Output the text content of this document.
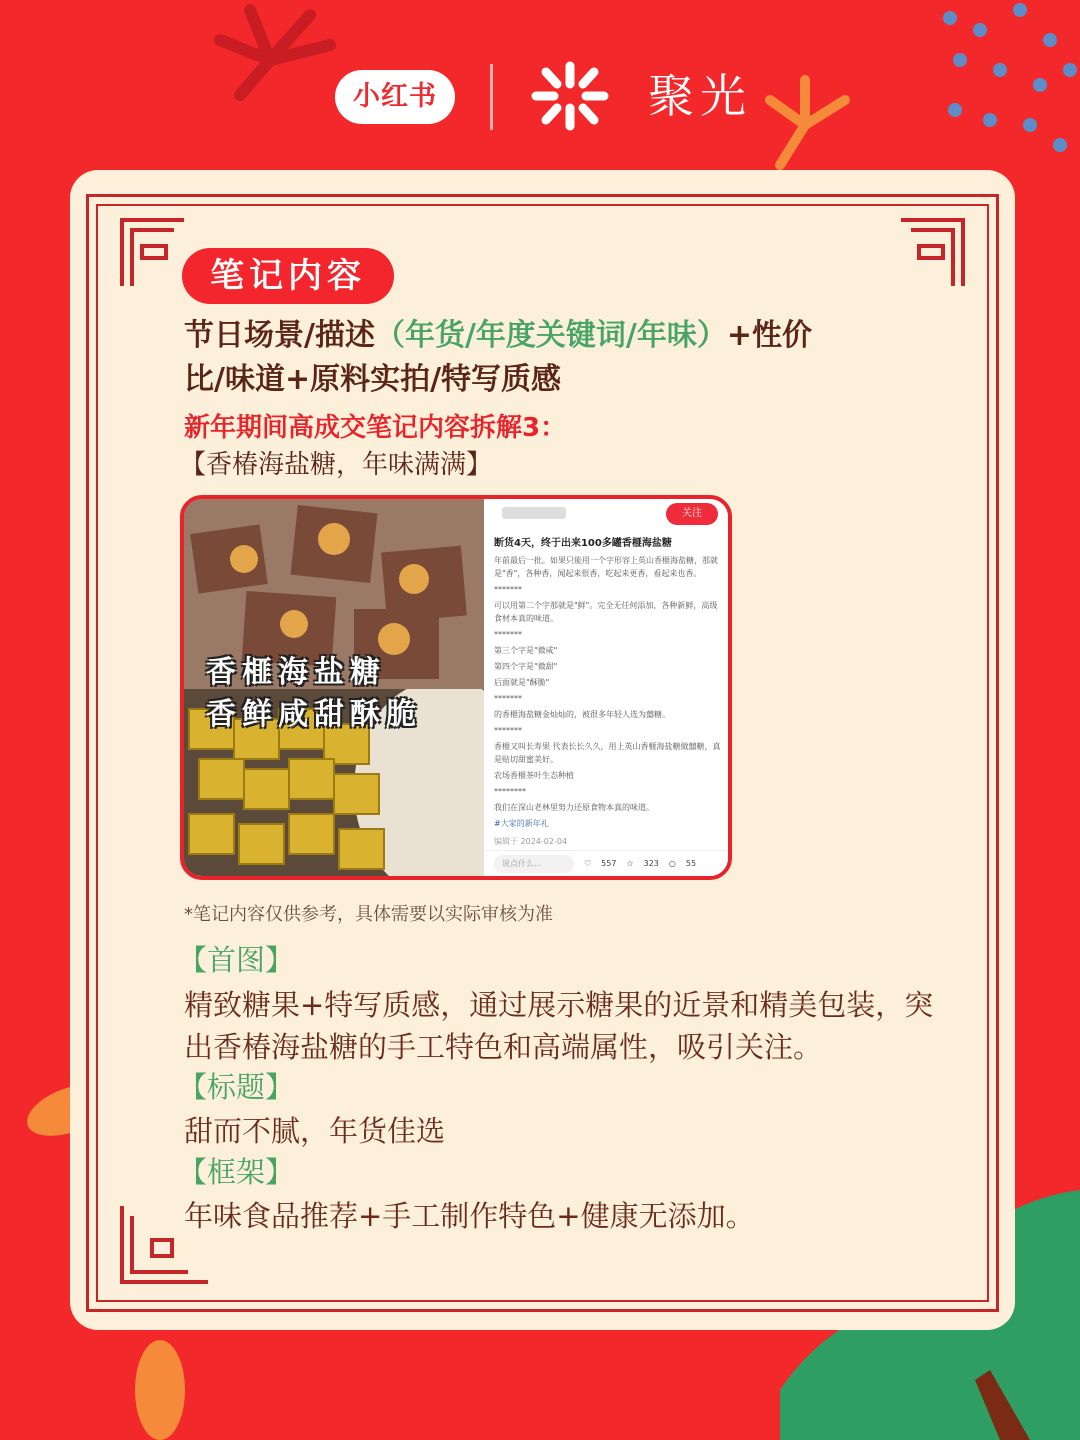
小红书	聚光
笔记内容
节日场景/描述（年货/年度关键词/年味）+性价
比/味道+原料实拍/特写质感
新年期间高成交笔记内容拆解3：
【香椿海盐糖，年味满满】
香榧海盐糖
香鲜咸甜酥脆
关注
断货4天，终于出来100多罐香榧海盐糖
年前最后一批。如果只能用一个字形容上英山香榧海盐糖，那就是"香"，各种香，闻起来很香，吃起来更香，看起来也香。
*******
可以用第二个字那就是"鲜"。完全无任何添加，各种新鲜，高级食材本真的味道。
*******
第三个字是"微咸"
第四个字是"微甜"
后面就是"酥脆"
*******
的香榧海盐糖金灿灿的，被很多年轻人选为囍糖。
*******
香榧又叫长寿果 代表长长久久，用上英山香榧海盐糖做囍糖，真是贴切甜蜜美好。
农场香榧茶叶生态种植
********
我们在深山老林里努力还原食物本真的味道。
#大家的新年礼
编辑于 2024-02-04
说点什么...	♡ 557 ☆ 323 ○ 55
*笔记内容仅供参考，具体需要以实际审核为准
【首图】
精致糖果+特写质感，通过展示糖果的近景和精美包装，突出香椿海盐糖的手工特色和高端属性，吸引关注。
【标题】
甜而不腻，年货佳选
【框架】
年味食品推荐+手工制作特色+健康无添加。
